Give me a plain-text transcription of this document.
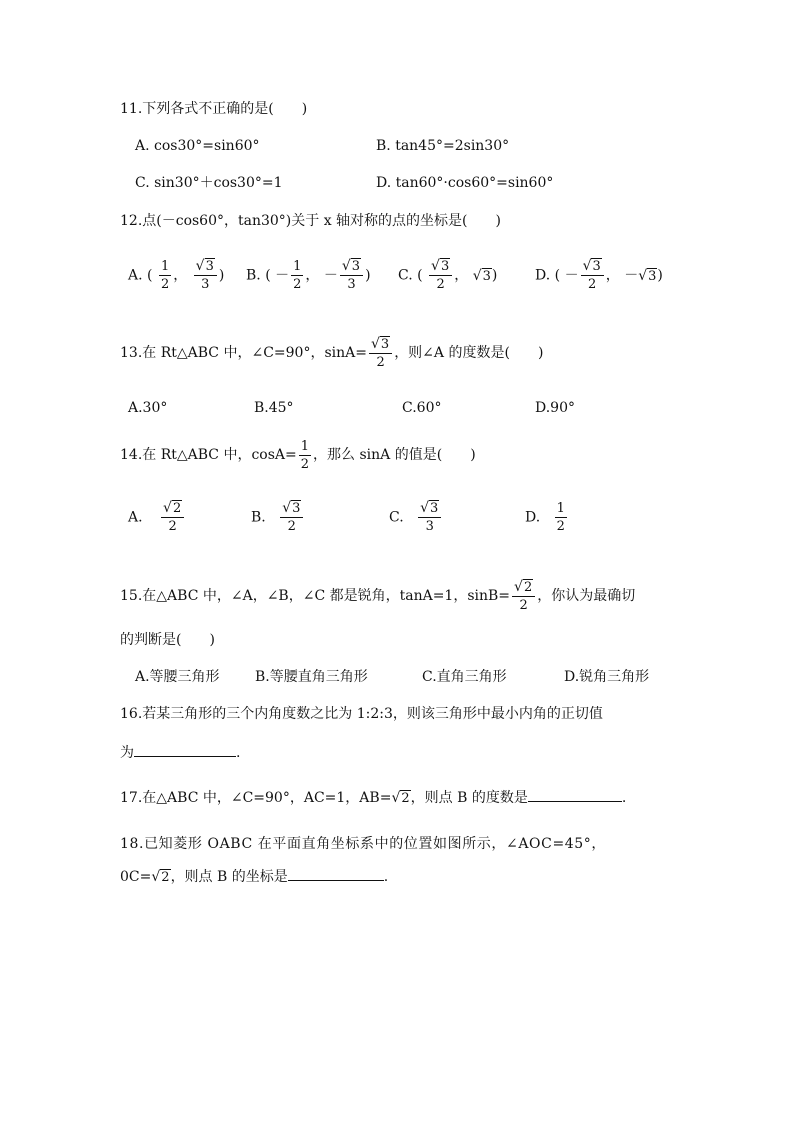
11.下列各式不正确的是(　　)
A. cos30°=sin60°	B. tan45°=2sin30°
C. sin30°＋cos30°=1	D. tan60°·cos60°=sin60°
12.点(－cos60°，tan30°)关于 x 轴对称的点的坐标是(　　)
A. ( $\frac{1}{2}$ ， $\frac{√3}{3}$ ) B. ( － $\frac{1}{2}$ ， － $\frac{√3}{3}$ ) C. ( $\frac{√3}{2}$ ， √3)	D. ( － $\frac{√3}{2}$ ， －√3)
13.在 Rt△ABC 中，∠C=90°，$\sin A= \frac{√3}{2}$ ，则∠A 的度数是(　　)
A.30°	B.45°	C.60°	D.90°
14.在 Rt△ABC 中，$\cos A= \frac{1}{2}$ ，那么 sinA 的值是(　　)
A. $\frac{√2}{2}$	B. $\frac{√3}{2}$	C. $\frac{√3}{3}$	D. $\frac{1}{2}$
15.在△ABC 中，∠A，∠B，∠C 都是锐角，tanA=1，$\sin B= \frac{√2}{2}$ ，你认为最确切
的判断是(　　)
A.等腰三角形	B.等腰直角三角形	C.直角三角形	D.锐角三角形
16.若某三角形的三个内角度数之比为 1:2:3，则该三角形中最小内角的正切值
为	.
17.在△ABC 中，∠C=90°，AC=1，AB=√2，则点 B 的度数是	.
18.已知菱形 OABC 在平面直角坐标系中的位置如图所示，∠AOC=45°，
0C=√2，则点 B 的坐标是	.
